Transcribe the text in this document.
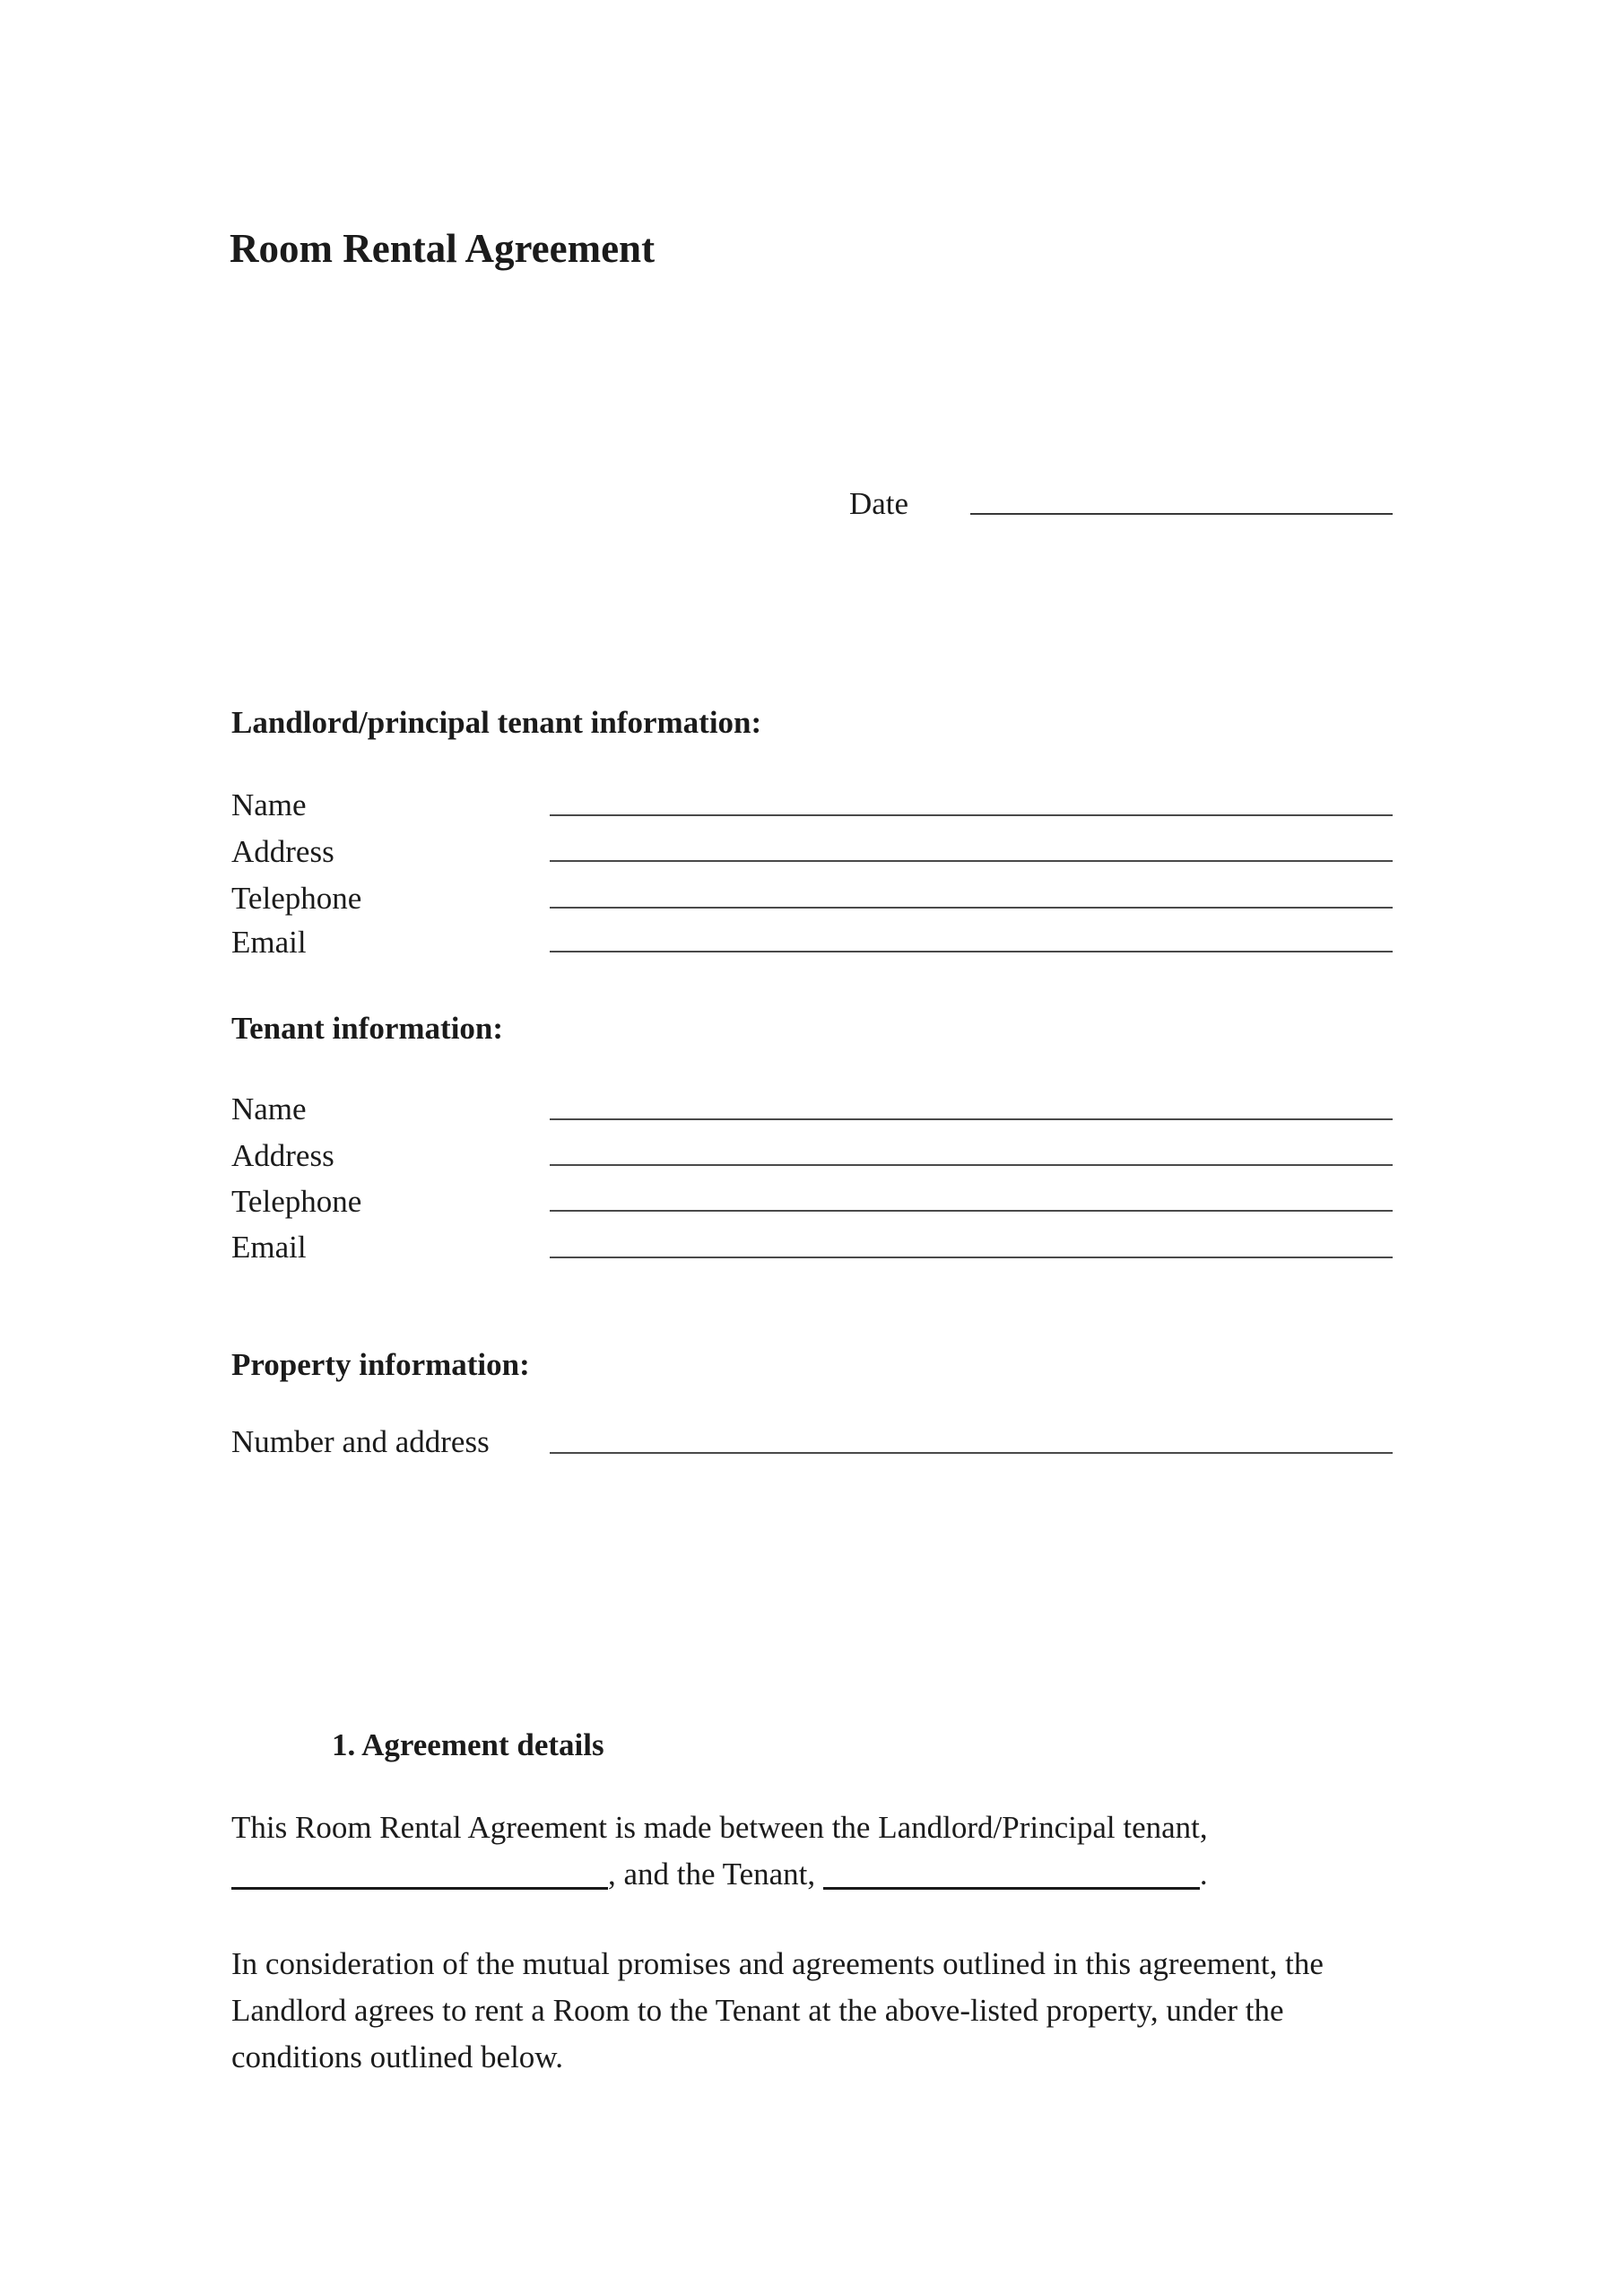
Room Rental Agreement
Date
Landlord/principal tenant information:
Name
Address
Telephone
Email
Tenant information:
Name
Address
Telephone
Email
Property information:
Number and address
1. Agreement details
This Room Rental Agreement is made between the Landlord/Principal tenant, , and the Tenant,	.
In consideration of the mutual promises and agreements outlined in this agreement, the Landlord agrees to rent a Room to the Tenant at the above-listed property, under the conditions outlined below.
